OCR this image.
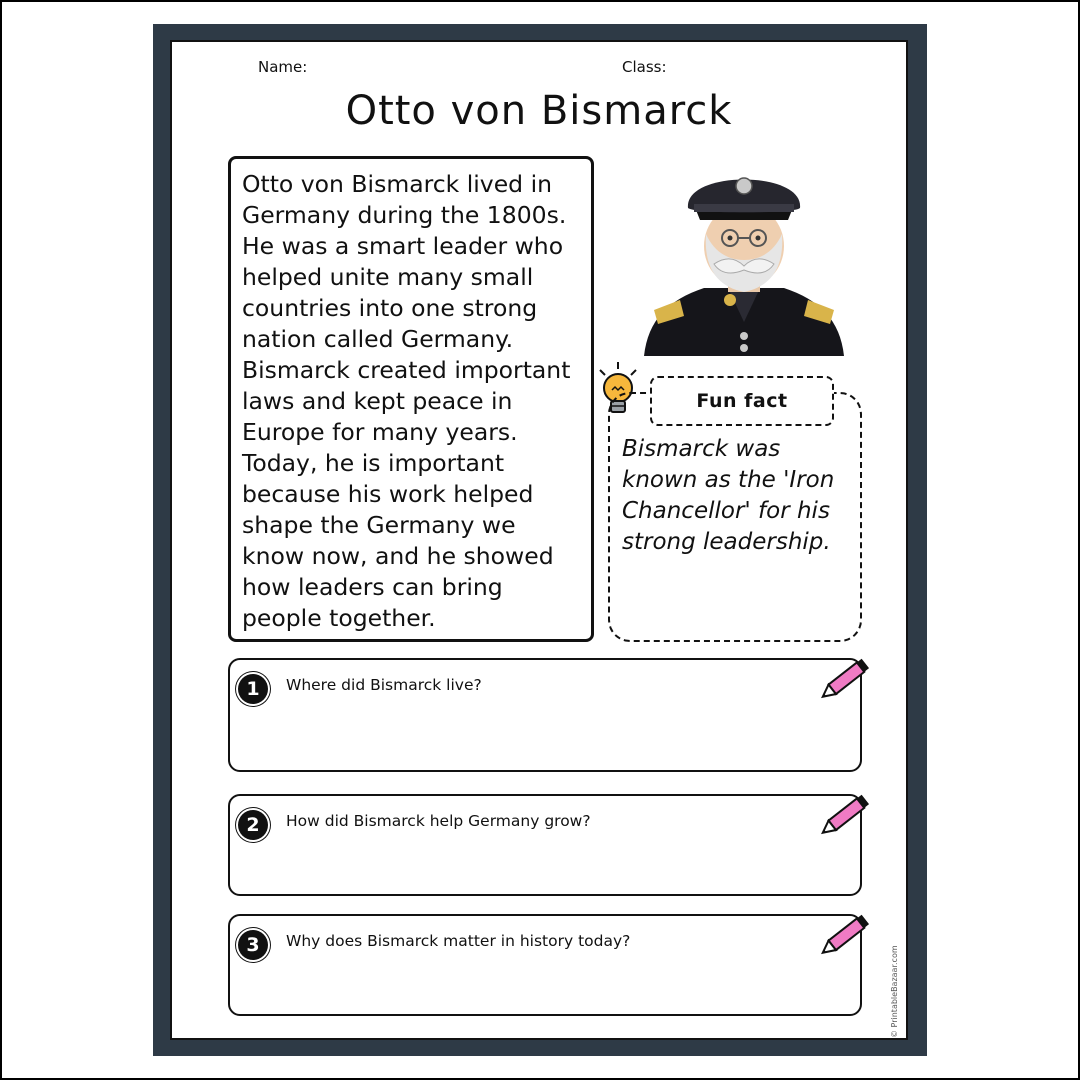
Name:	Class:
Otto von Bismarck

Otto von Bismarck lived in Germany during the 1800s. He was a smart leader who helped unite many small countries into one strong nation called Germany. Bismarck created important laws and kept peace in Europe for many years. Today, he is important because his work helped shape the Germany we know now, and he showed how leaders can bring people together.

Fun fact

Bismarck was known as the 'Iron Chancellor' for his strong leadership.

1	Where did Bismarck live?
2	How did Bismarck help Germany grow?
3	Why does Bismarck matter in history today?
© PrintableBazaar.com
